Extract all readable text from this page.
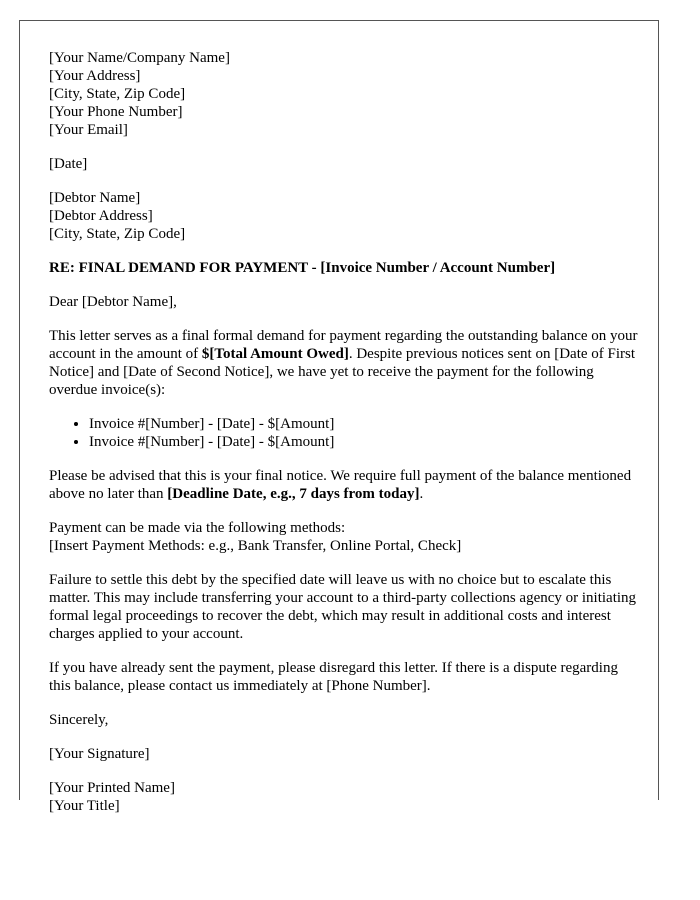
[Your Name/Company Name]
[Your Address]
[City, State, Zip Code]
[Your Phone Number]
[Your Email]
[Date]
[Debtor Name]
[Debtor Address]
[City, State, Zip Code]
RE: FINAL DEMAND FOR PAYMENT - [Invoice Number / Account Number]
Dear [Debtor Name],
This letter serves as a final formal demand for payment regarding the outstanding balance on your account in the amount of $[Total Amount Owed]. Despite previous notices sent on [Date of First Notice] and [Date of Second Notice], we have yet to receive the payment for the following overdue invoice(s):
• Invoice #[Number] - [Date] - $[Amount]
• Invoice #[Number] - [Date] - $[Amount]
Please be advised that this is your final notice. We require full payment of the balance mentioned above no later than [Deadline Date, e.g., 7 days from today].
Payment can be made via the following methods:
[Insert Payment Methods: e.g., Bank Transfer, Online Portal, Check]
Failure to settle this debt by the specified date will leave us with no choice but to escalate this matter. This may include transferring your account to a third-party collections agency or initiating formal legal proceedings to recover the debt, which may result in additional costs and interest charges applied to your account.
If you have already sent the payment, please disregard this letter. If there is a dispute regarding this balance, please contact us immediately at [Phone Number].
Sincerely,
[Your Signature]
[Your Printed Name]
[Your Title]
